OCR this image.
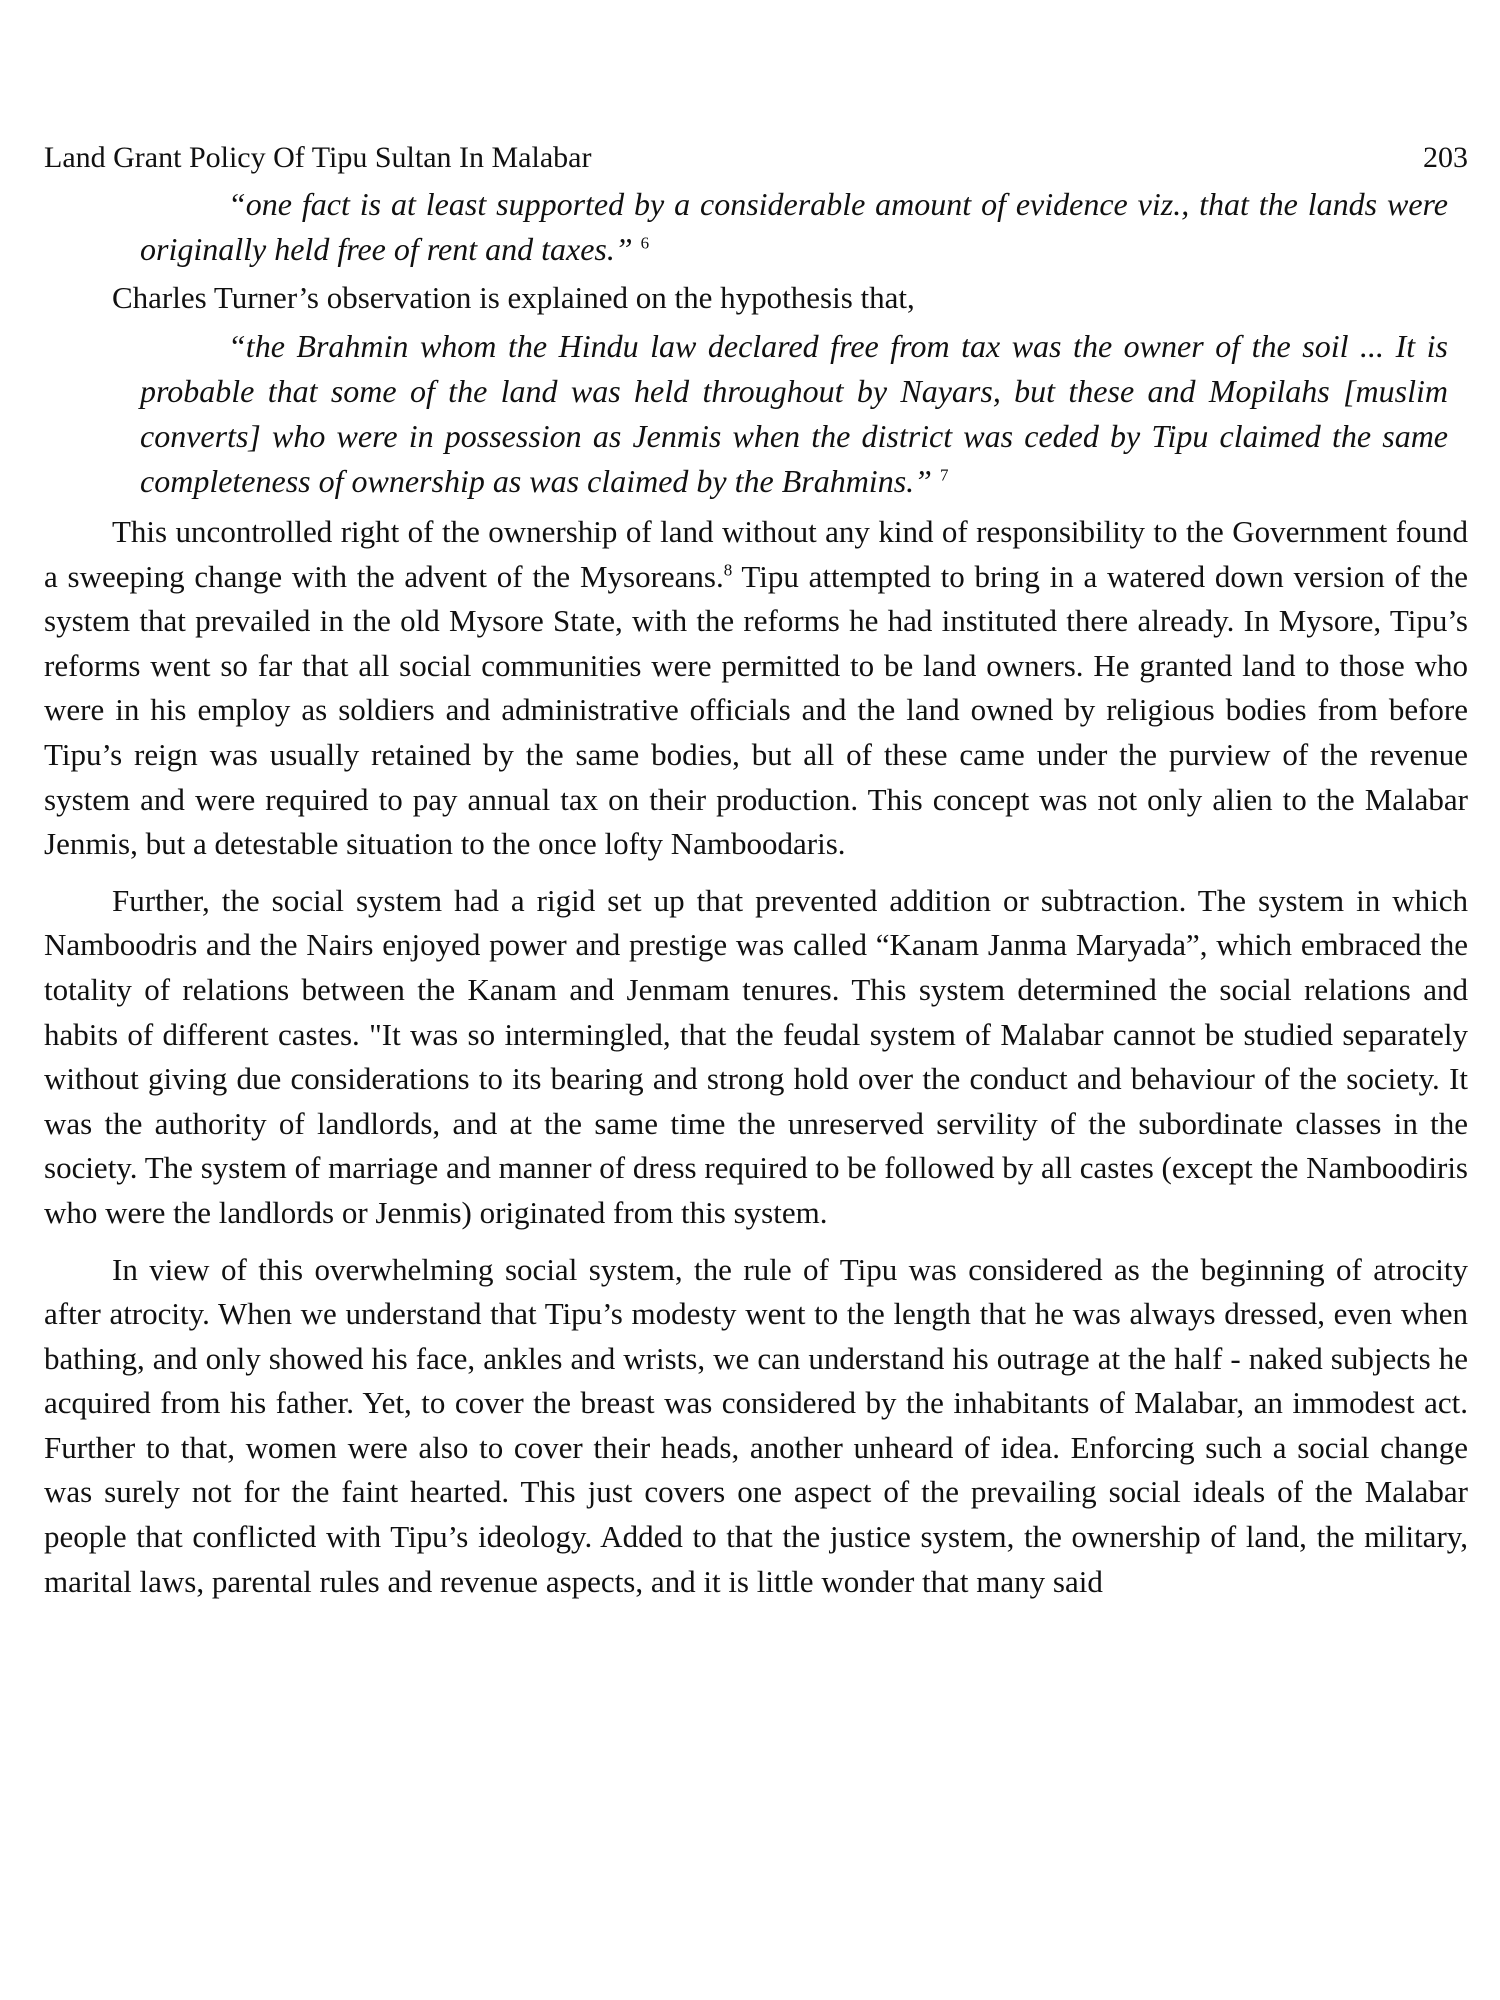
Land Grant Policy Of Tipu Sultan In Malabar	203
“one fact is at least supported by a considerable amount of evidence viz., that the lands were originally held free of rent and taxes.” $^6$

Charles Turner’s observation is explained on the hypothesis that,

“the Brahmin whom the Hindu law declared free from tax was the owner of the soil ... It is probable that some of the land was held throughout by Nayars, but these and Mopilahs [muslim converts] who were in possession as Jenmis when the district was ceded by Tipu claimed the same completeness of ownership as was claimed by the Brahmins.” $^7$

This uncontrolled right of the ownership of land without any kind of responsibility to the Government found a sweeping change with the advent of the Mysoreans.$^8$ Tipu attempted to bring in a watered down version of the system that prevailed in the old Mysore State, with the reforms he had instituted there already. In Mysore, Tipu’s reforms went so far that all social communities were permitted to be land owners. He granted land to those who were in his employ as soldiers and administrative officials and the land owned by religious bodies from before Tipu’s reign was usually retained by the same bodies, but all of these came under the purview of the revenue system and were required to pay annual tax on their production. This concept was not only alien to the Malabar Jenmis, but a detestable situation to the once lofty Namboodaris.

Further, the social system had a rigid set up that prevented addition or subtraction. The system in which Namboodris and the Nairs enjoyed power and prestige was called “Kanam Janma Maryada”, which embraced the totality of relations between the Kanam and Jenmam tenures. This system determined the social relations and habits of different castes. "It was so intermingled, that the feudal system of Malabar cannot be studied separately without giving due considerations to its bearing and strong hold over the conduct and behaviour of the society. It was the authority of landlords, and at the same time the unreserved servility of the subordinate classes in the society. The system of marriage and manner of dress required to be followed by all castes (except the Namboodiris who were the landlords or Jenmis) originated from this system.

In view of this overwhelming social system, the rule of Tipu was considered as the beginning of atrocity after atrocity. When we understand that Tipu’s modesty went to the length that he was always dressed, even when bathing, and only showed his face, ankles and wrists, we can understand his outrage at the half - naked subjects he acquired from his father. Yet, to cover the breast was considered by the inhabitants of Malabar, an immodest act. Further to that, women were also to cover their heads, another unheard of idea. Enforcing such a social change was surely not for the faint hearted. This just covers one aspect of the prevailing social ideals of the Malabar people that conflicted with Tipu’s ideology. Added to that the justice system, the ownership of land, the military, marital laws, parental rules and revenue aspects, and it is little wonder that many said
